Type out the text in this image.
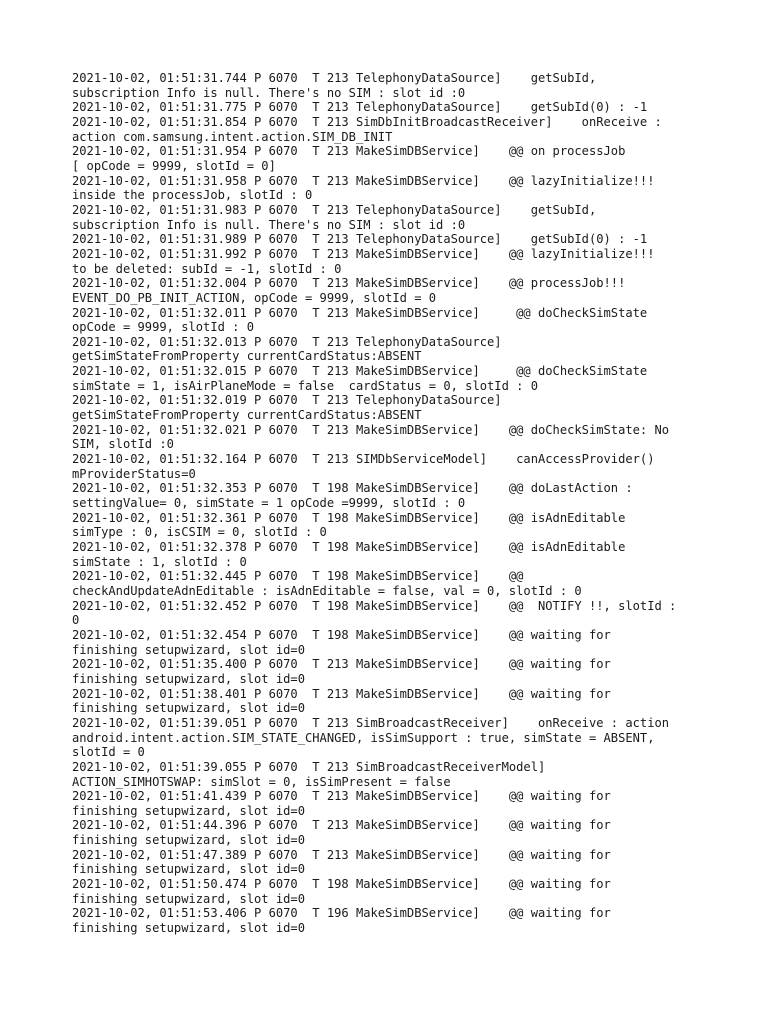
2021-10-02, 01:51:31.744 P 6070  T 213 TelephonyDataSource]    getSubId,
subscription Info is null. There's no SIM : slot id :0
2021-10-02, 01:51:31.775 P 6070  T 213 TelephonyDataSource]    getSubId(0) : -1
2021-10-02, 01:51:31.854 P 6070  T 213 SimDbInitBroadcastReceiver]    onReceive :
action com.samsung.intent.action.SIM_DB_INIT
2021-10-02, 01:51:31.954 P 6070  T 213 MakeSimDBService]    @@ on processJob
[ opCode = 9999, slotId = 0]
2021-10-02, 01:51:31.958 P 6070  T 213 MakeSimDBService]    @@ lazyInitialize!!!
inside the processJob, slotId : 0
2021-10-02, 01:51:31.983 P 6070  T 213 TelephonyDataSource]    getSubId,
subscription Info is null. There's no SIM : slot id :0
2021-10-02, 01:51:31.989 P 6070  T 213 TelephonyDataSource]    getSubId(0) : -1
2021-10-02, 01:51:31.992 P 6070  T 213 MakeSimDBService]    @@ lazyInitialize!!!
to be deleted: subId = -1, slotId : 0
2021-10-02, 01:51:32.004 P 6070  T 213 MakeSimDBService]    @@ processJob!!!
EVENT_DO_PB_INIT_ACTION, opCode = 9999, slotId = 0
2021-10-02, 01:51:32.011 P 6070  T 213 MakeSimDBService]     @@ doCheckSimState
opCode = 9999, slotId : 0
2021-10-02, 01:51:32.013 P 6070  T 213 TelephonyDataSource]
getSimStateFromProperty currentCardStatus:ABSENT
2021-10-02, 01:51:32.015 P 6070  T 213 MakeSimDBService]     @@ doCheckSimState
simState = 1, isAirPlaneMode = false  cardStatus = 0, slotId : 0
2021-10-02, 01:51:32.019 P 6070  T 213 TelephonyDataSource]
getSimStateFromProperty currentCardStatus:ABSENT
2021-10-02, 01:51:32.021 P 6070  T 213 MakeSimDBService]    @@ doCheckSimState: No
SIM, slotId :0
2021-10-02, 01:51:32.164 P 6070  T 213 SIMDbServiceModel]    canAccessProvider()
mProviderStatus=0
2021-10-02, 01:51:32.353 P 6070  T 198 MakeSimDBService]    @@ doLastAction :
settingValue= 0, simState = 1 opCode =9999, slotId : 0
2021-10-02, 01:51:32.361 P 6070  T 198 MakeSimDBService]    @@ isAdnEditable
simType : 0, isCSIM = 0, slotId : 0
2021-10-02, 01:51:32.378 P 6070  T 198 MakeSimDBService]    @@ isAdnEditable
simState : 1, slotId : 0
2021-10-02, 01:51:32.445 P 6070  T 198 MakeSimDBService]    @@
checkAndUpdateAdnEditable : isAdnEditable = false, val = 0, slotId : 0
2021-10-02, 01:51:32.452 P 6070  T 198 MakeSimDBService]    @@  NOTIFY !!, slotId :
0
2021-10-02, 01:51:32.454 P 6070  T 198 MakeSimDBService]    @@ waiting for
finishing setupwizard, slot id=0
2021-10-02, 01:51:35.400 P 6070  T 213 MakeSimDBService]    @@ waiting for
finishing setupwizard, slot id=0
2021-10-02, 01:51:38.401 P 6070  T 213 MakeSimDBService]    @@ waiting for
finishing setupwizard, slot id=0
2021-10-02, 01:51:39.051 P 6070  T 213 SimBroadcastReceiver]    onReceive : action
android.intent.action.SIM_STATE_CHANGED, isSimSupport : true, simState = ABSENT,
slotId = 0
2021-10-02, 01:51:39.055 P 6070  T 213 SimBroadcastReceiverModel]
ACTION_SIMHOTSWAP: simSlot = 0, isSimPresent = false
2021-10-02, 01:51:41.439 P 6070  T 213 MakeSimDBService]    @@ waiting for
finishing setupwizard, slot id=0
2021-10-02, 01:51:44.396 P 6070  T 213 MakeSimDBService]    @@ waiting for
finishing setupwizard, slot id=0
2021-10-02, 01:51:47.389 P 6070  T 213 MakeSimDBService]    @@ waiting for
finishing setupwizard, slot id=0
2021-10-02, 01:51:50.474 P 6070  T 198 MakeSimDBService]    @@ waiting for
finishing setupwizard, slot id=0
2021-10-02, 01:51:53.406 P 6070  T 196 MakeSimDBService]    @@ waiting for
finishing setupwizard, slot id=0
